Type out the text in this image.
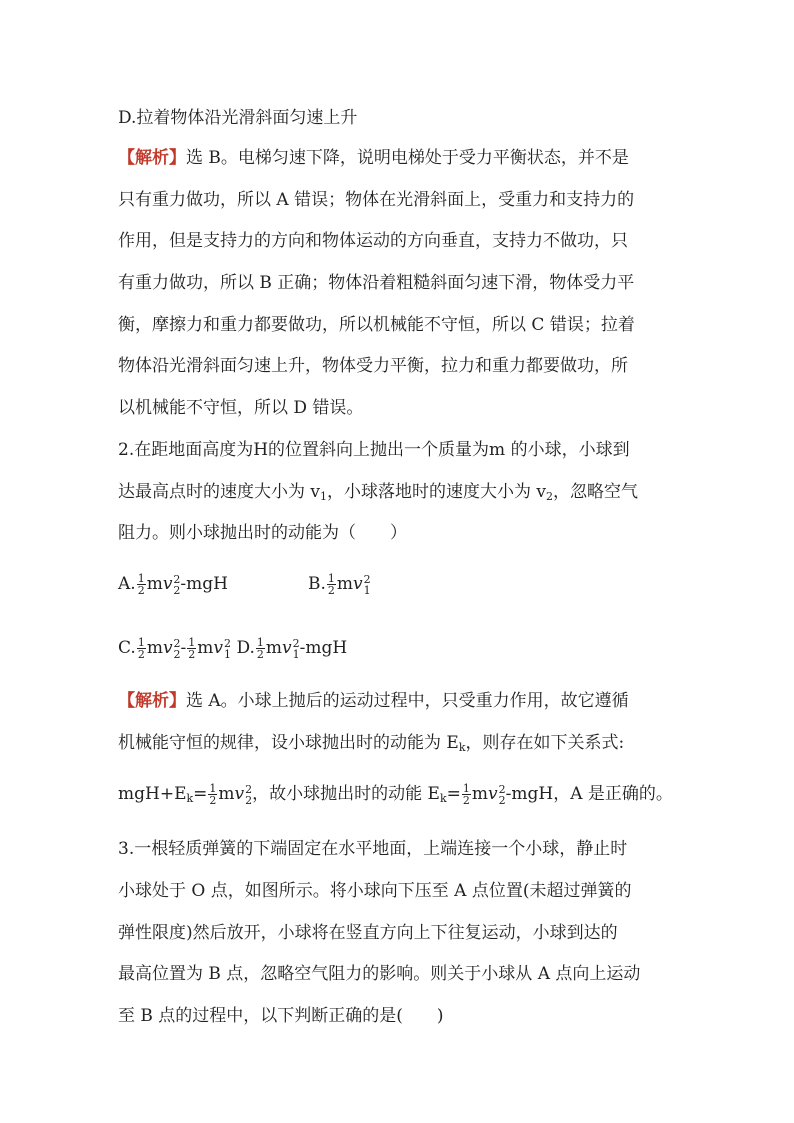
D.拉着物体沿光滑斜面匀速上升
【解析】选 B。电梯匀速下降，说明电梯处于受力平衡状态，并不是
只有重力做功，所以 A 错误；物体在光滑斜面上，受重力和支持力的
作用，但是支持力的方向和物体运动的方向垂直，支持力不做功，只
有重力做功，所以 B 正确；物体沿着粗糙斜面匀速下滑，物体受力平
衡，摩擦力和重力都要做功，所以机械能不守恒，所以 C 错误；拉着
物体沿光滑斜面匀速上升，物体受力平衡，拉力和重力都要做功，所
以机械能不守恒，所以 D 错误。
2.在距地面高度为H的位置斜向上抛出一个质量为m 的小球，小球到
达最高点时的速度大小为 $v_1$，小球落地时的速度大小为 $v_2$，忽略空气
阻力。则小球抛出时的动能为（　　）
A. $\frac{1}{2}$ mv 2
2 -mgH	B. $\frac{1}{2}$ mv 2
1
C. $\frac{1}{2}$ mv 2
$2 - \frac{1}{2}$ mv 2
1 D. $\frac{1}{2}$ mv 2
1 -mgH
【解析】选 A。小球上抛后的运动过程中，只受重力作用，故它遵循
机械能守恒的规律，设小球抛出时的动能为 $E_k$，则存在如下关系式:
$mgH+E_k= \frac{1}{2}$ mv 2
2 ，故小球抛出时的动能 $E_k= \frac{1}{2}$ mv 2
2 -mgH，A 是正确的。
3.一根轻质弹簧的下端固定在水平地面，上端连接一个小球，静止时
小球处于 O 点，如图所示。将小球向下压至 A 点位置(未超过弹簧的
弹性限度)然后放开，小球将在竖直方向上下往复运动，小球到达的
最高位置为 B 点，忽略空气阻力的影响。则关于小球从 A 点向上运动
至 B 点的过程中，以下判断正确的是(　　)
